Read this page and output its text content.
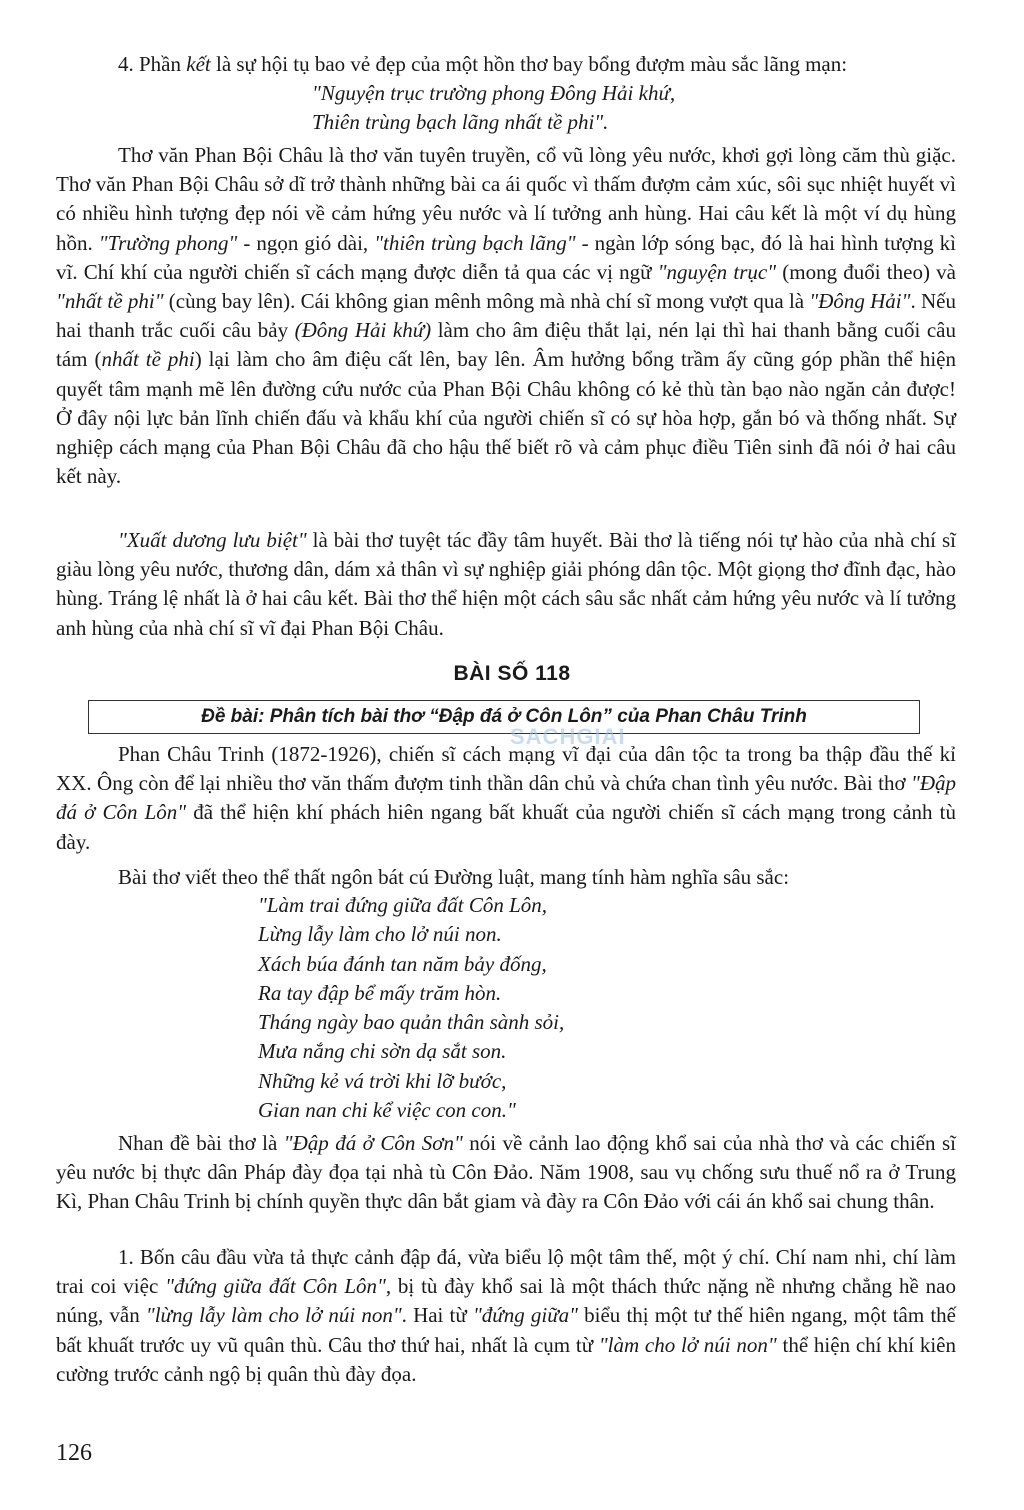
4. Phần kết là sự hội tụ bao vẻ đẹp của một hồn thơ bay bổng đượm màu sắc lãng mạn:

"Nguyện trục trường phong Đông Hải khứ,
Thiên trùng bạch lãng nhất tề phi".

Thơ văn Phan Bội Châu là thơ văn tuyên truyền, cổ vũ lòng yêu nước, khơi gợi lòng căm thù giặc. Thơ văn Phan Bội Châu sở dĩ trở thành những bài ca ái quốc vì thấm đượm cảm xúc, sôi sục nhiệt huyết vì có nhiều hình tượng đẹp nói về cảm hứng yêu nước và lí tưởng anh hùng. Hai câu kết là một ví dụ hùng hồn. "Trường phong" - ngọn gió dài, "thiên trùng bạch lãng" - ngàn lớp sóng bạc, đó là hai hình tượng kì vĩ. Chí khí của người chiến sĩ cách mạng được diễn tả qua các vị ngữ "nguyện trục" (mong đuổi theo) và "nhất tề phi" (cùng bay lên). Cái không gian mênh mông mà nhà chí sĩ mong vượt qua là "Đông Hải". Nếu hai thanh trắc cuối câu bảy (Đông Hải khứ) làm cho âm điệu thắt lại, nén lại thì hai thanh bằng cuối câu tám (nhất tề phi) lại làm cho âm điệu cất lên, bay lên. Âm hưởng bổng trầm ấy cũng góp phần thể hiện quyết tâm mạnh mẽ lên đường cứu nước của Phan Bội Châu không có kẻ thù tàn bạo nào ngăn cản được! Ở đây nội lực bản lĩnh chiến đấu và khẩu khí của người chiến sĩ có sự hòa hợp, gắn bó và thống nhất. Sự nghiệp cách mạng của Phan Bội Châu đã cho hậu thế biết rõ và cảm phục điều Tiên sinh đã nói ở hai câu kết này.

"Xuất dương lưu biệt" là bài thơ tuyệt tác đầy tâm huyết. Bài thơ là tiếng nói tự hào của nhà chí sĩ giàu lòng yêu nước, thương dân, dám xả thân vì sự nghiệp giải phóng dân tộc. Một giọng thơ đĩnh đạc, hào hùng. Tráng lệ nhất là ở hai câu kết. Bài thơ thể hiện một cách sâu sắc nhất cảm hứng yêu nước và lí tưởng anh hùng của nhà chí sĩ vĩ đại Phan Bội Châu.

BÀI SỐ 118
Đề bài: Phân tích bài thơ “Đập đá ở Côn Lôn” của Phan Châu Trinh
SACHGIAI

Phan Châu Trinh (1872-1926), chiến sĩ cách mạng vĩ đại của dân tộc ta trong ba thập đầu thế kỉ XX. Ông còn để lại nhiều thơ văn thấm đượm tinh thần dân chủ và chứa chan tình yêu nước. Bài thơ "Đập đá ở Côn Lôn" đã thể hiện khí phách hiên ngang bất khuất của người chiến sĩ cách mạng trong cảnh tù đày.

Bài thơ viết theo thể thất ngôn bát cú Đường luật, mang tính hàm nghĩa sâu sắc:

"Làm trai đứng giữa đất Côn Lôn,
Lừng lẫy làm cho lở núi non.
Xách búa đánh tan năm bảy đống,
Ra tay đập bể mấy trăm hòn.
Tháng ngày bao quản thân sành sỏi,
Mưa nắng chi sờn dạ sắt son.
Những kẻ vá trời khi lỡ bước,
Gian nan chi kể việc con con."

Nhan đề bài thơ là "Đập đá ở Côn Sơn" nói về cảnh lao động khổ sai của nhà thơ và các chiến sĩ yêu nước bị thực dân Pháp đày đọa tại nhà tù Côn Đảo. Năm 1908, sau vụ chống sưu thuế nổ ra ở Trung Kì, Phan Châu Trinh bị chính quyền thực dân bắt giam và đày ra Côn Đảo với cái án khổ sai chung thân.

1. Bốn câu đầu vừa tả thực cảnh đập đá, vừa biểu lộ một tâm thế, một ý chí. Chí nam nhi, chí làm trai coi việc "đứng giữa đất Côn Lôn", bị tù đày khổ sai là một thách thức nặng nề nhưng chẳng hề nao núng, vẫn "lừng lẫy làm cho lở núi non". Hai từ "đứng giữa" biểu thị một tư thế hiên ngang, một tâm thế bất khuất trước uy vũ quân thù. Câu thơ thứ hai, nhất là cụm từ "làm cho lở núi non" thể hiện chí khí kiên cường trước cảnh ngộ bị quân thù đày đọa.

126
